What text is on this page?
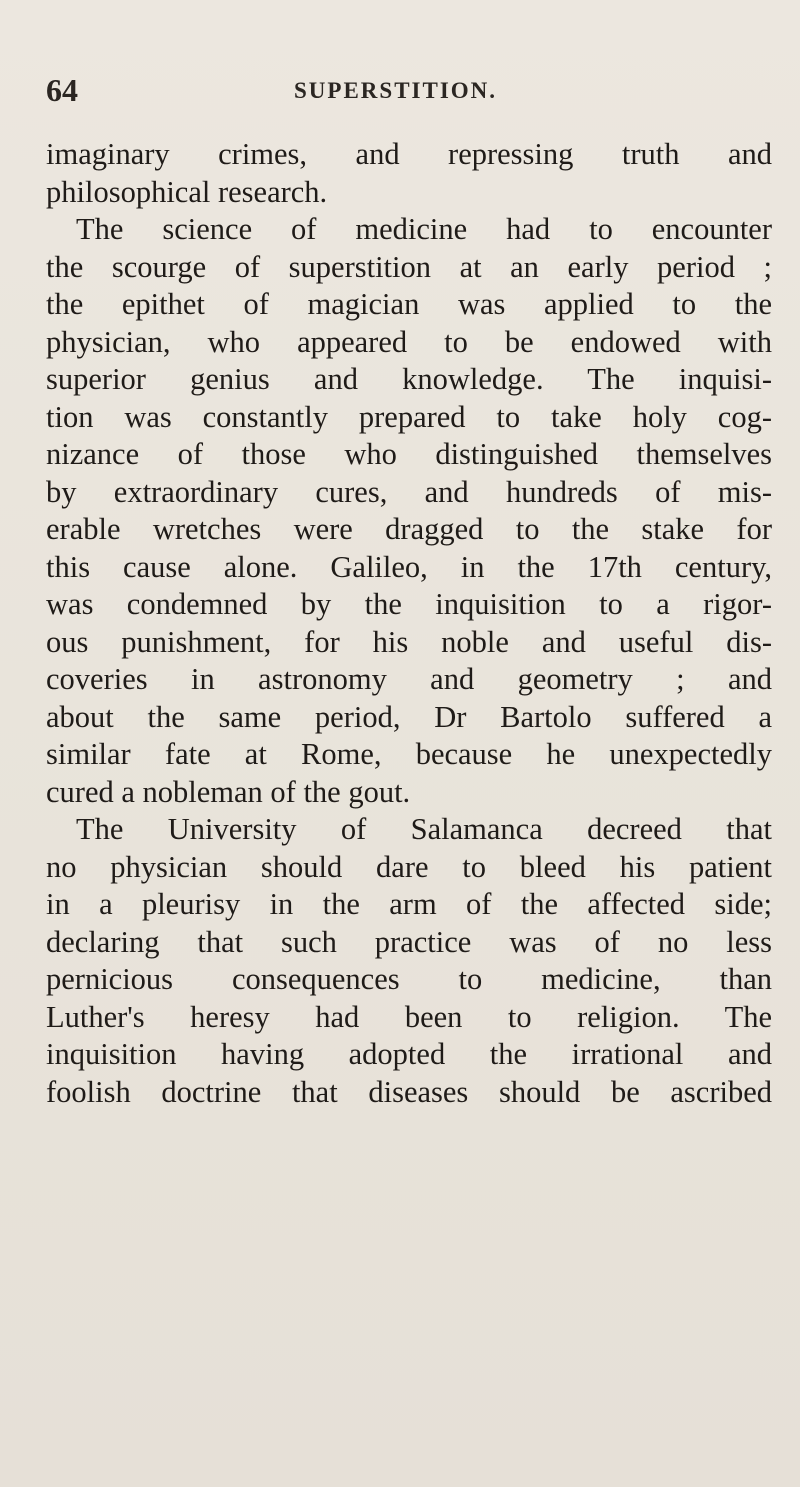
64	SUPERSTITION.
imaginary crimes, and repressing truth and
philosophical research.
The science of medicine had to encounter
the scourge of superstition at an early period ;
the epithet of magician was applied to the
physician, who appeared to be endowed with
superior genius and knowledge. The inquisi-
tion was constantly prepared to take holy cog-
nizance of those who distinguished themselves
by extraordinary cures, and hundreds of mis-
erable wretches were dragged to the stake for
this cause alone. Galileo, in the 17th century,
was condemned by the inquisition to a rigor-
ous punishment, for his noble and useful dis-
coveries in astronomy and geometry ; and
about the same period, Dr Bartolo suffered a
similar fate at Rome, because he unexpectedly
cured a nobleman of the gout.
The University of Salamanca decreed that
no physician should dare to bleed his patient
in a pleurisy in the arm of the affected side;
declaring that such practice was of no less
pernicious consequences to medicine, than
Luther's heresy had been to religion. The
inquisition having adopted the irrational and
foolish doctrine that diseases should be ascribed
